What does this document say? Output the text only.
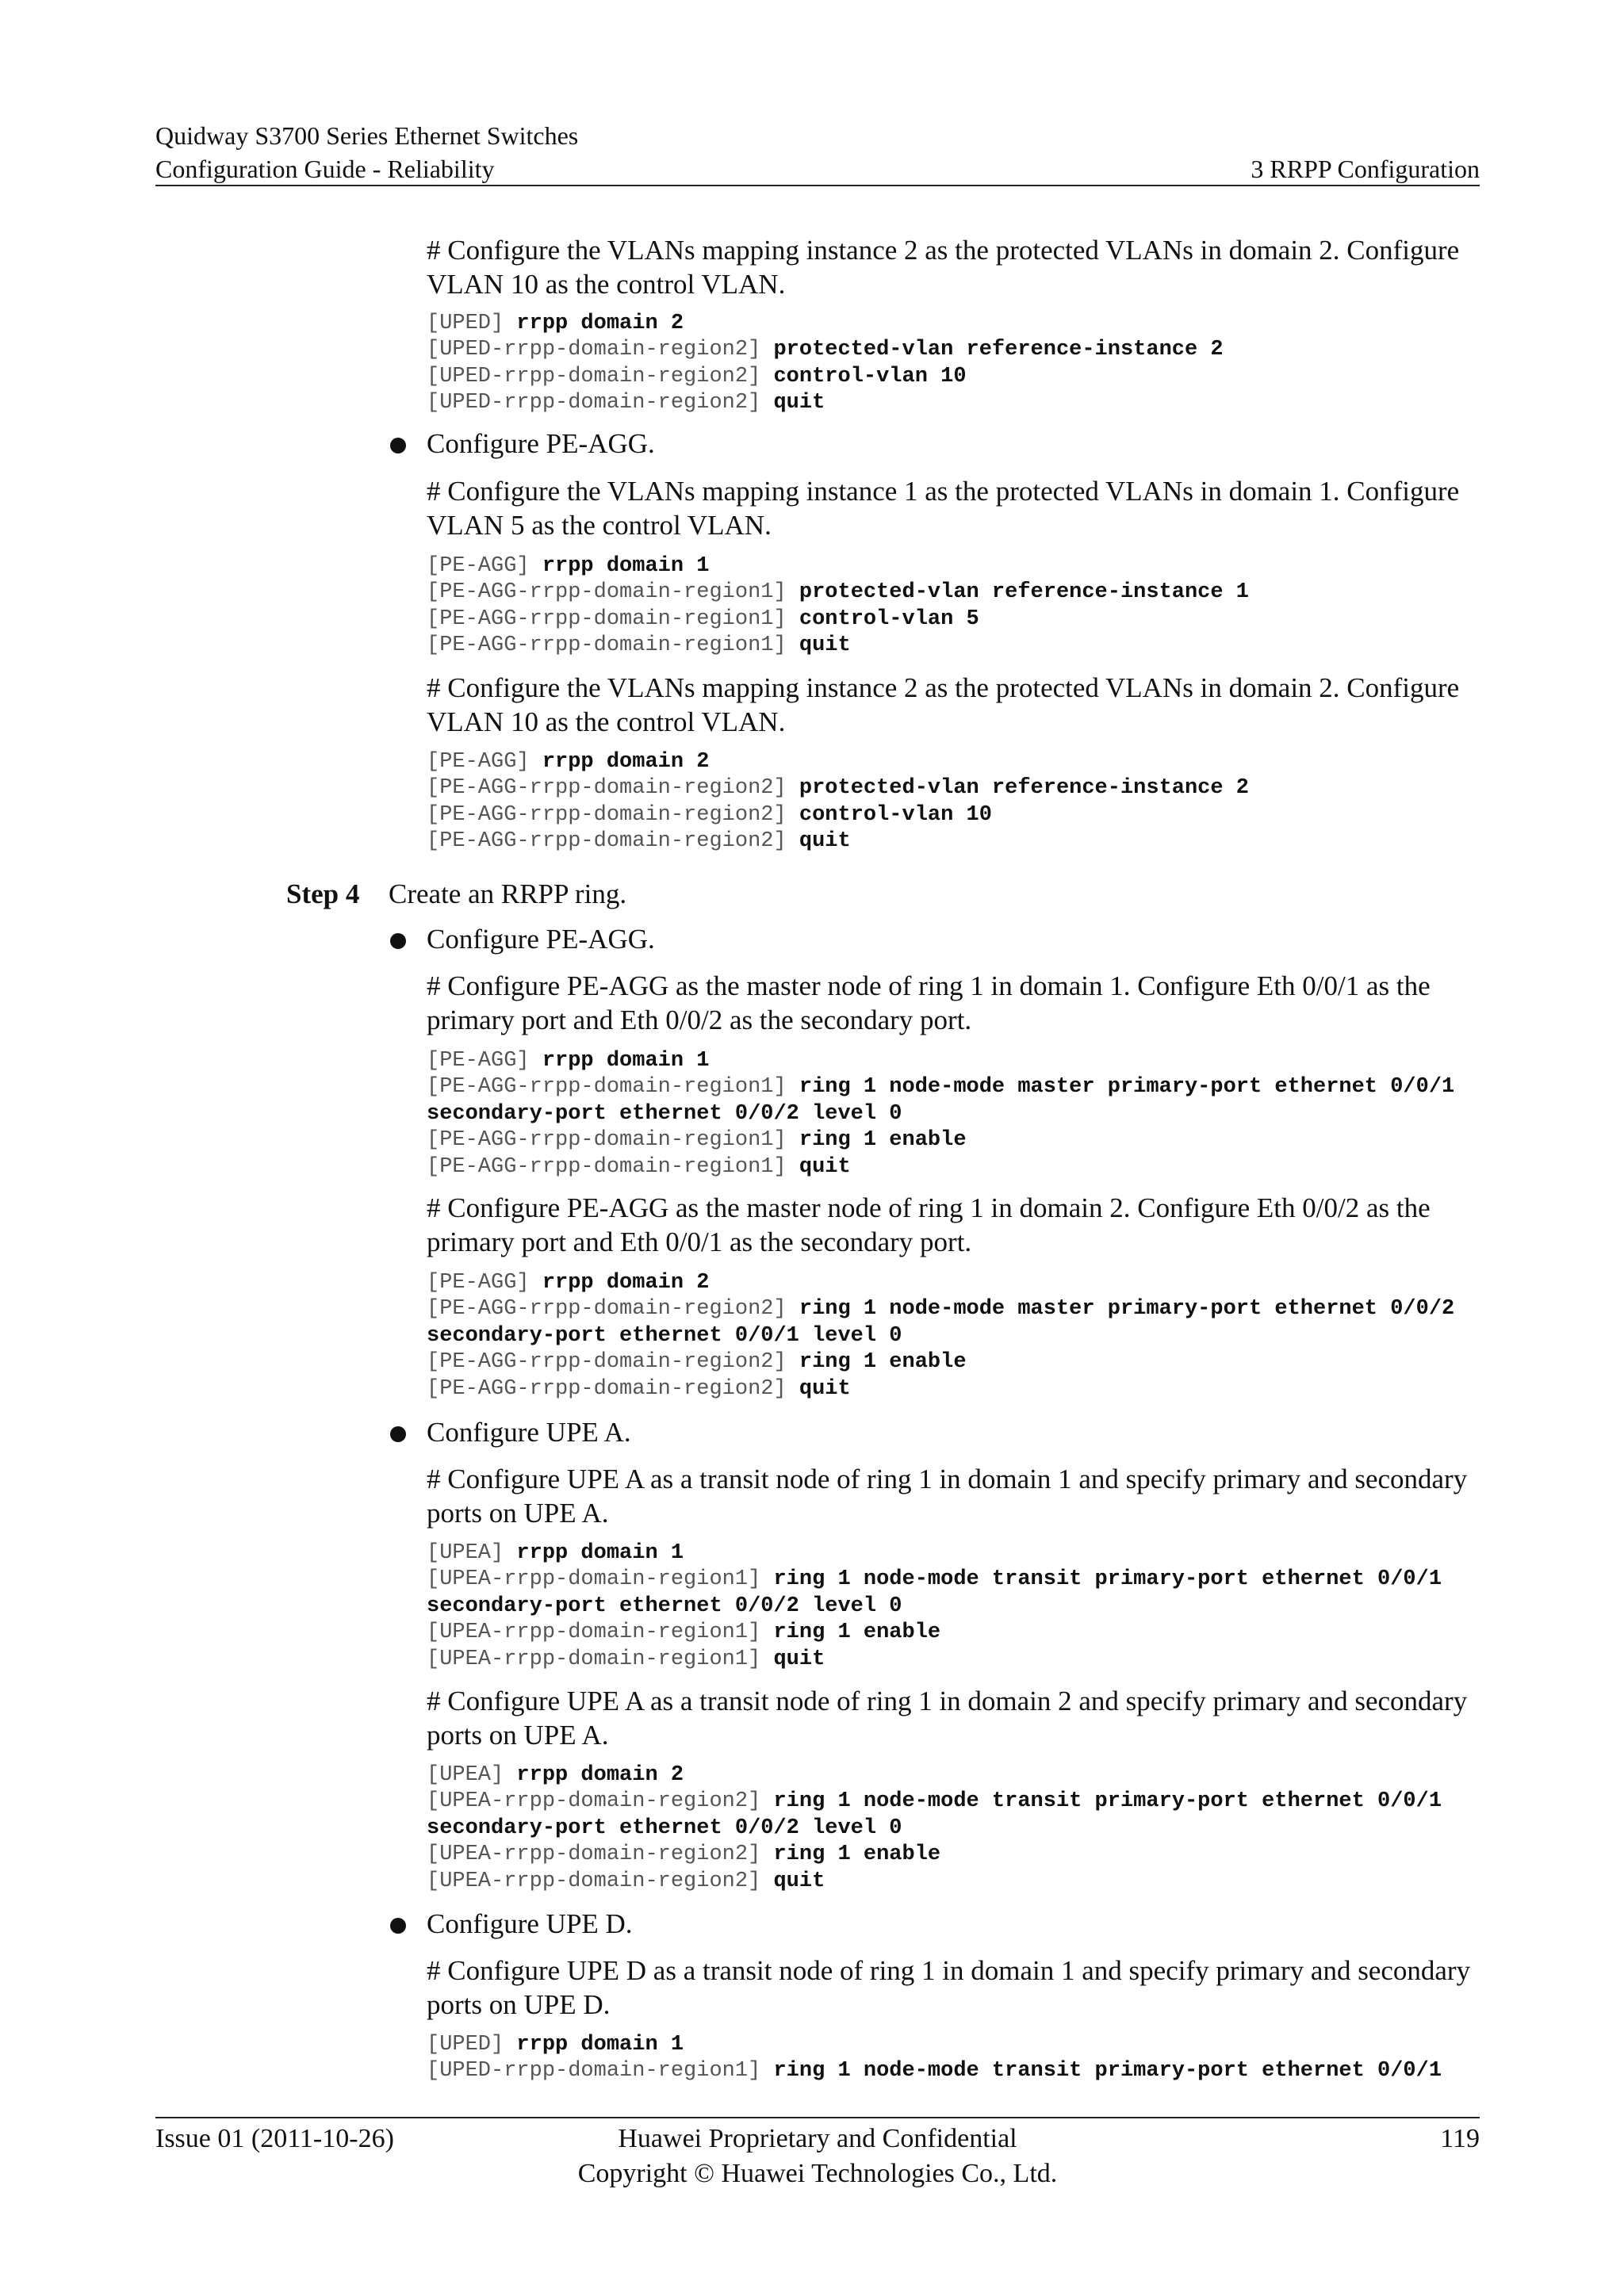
Quidway S3700 Series Ethernet Switches
Configuration Guide - Reliability	3 RRPP Configuration
# Configure the VLANs mapping instance 2 as the protected VLANs in domain 2. Configure VLAN 10 as the control VLAN.
[UPED] rrpp domain 2
[UPED-rrpp-domain-region2] protected-vlan reference-instance 2
[UPED-rrpp-domain-region2] control-vlan 10
[UPED-rrpp-domain-region2] quit
Configure PE-AGG.
# Configure the VLANs mapping instance 1 as the protected VLANs in domain 1. Configure VLAN 5 as the control VLAN.
[PE-AGG] rrpp domain 1
[PE-AGG-rrpp-domain-region1] protected-vlan reference-instance 1
[PE-AGG-rrpp-domain-region1] control-vlan 5
[PE-AGG-rrpp-domain-region1] quit
# Configure the VLANs mapping instance 2 as the protected VLANs in domain 2. Configure VLAN 10 as the control VLAN.
[PE-AGG] rrpp domain 2
[PE-AGG-rrpp-domain-region2] protected-vlan reference-instance 2
[PE-AGG-rrpp-domain-region2] control-vlan 10
[PE-AGG-rrpp-domain-region2] quit
Step 4 Create an RRPP ring.
Configure PE-AGG.
# Configure PE-AGG as the master node of ring 1 in domain 1. Configure Eth 0/0/1 as the primary port and Eth 0/0/2 as the secondary port.
[PE-AGG] rrpp domain 1
[PE-AGG-rrpp-domain-region1] ring 1 node-mode master primary-port ethernet 0/0/1
secondary-port ethernet 0/0/2 level 0
[PE-AGG-rrpp-domain-region1] ring 1 enable
[PE-AGG-rrpp-domain-region1] quit
# Configure PE-AGG as the master node of ring 1 in domain 2. Configure Eth 0/0/2 as the primary port and Eth 0/0/1 as the secondary port.
[PE-AGG] rrpp domain 2
[PE-AGG-rrpp-domain-region2] ring 1 node-mode master primary-port ethernet 0/0/2
secondary-port ethernet 0/0/1 level 0
[PE-AGG-rrpp-domain-region2] ring 1 enable
[PE-AGG-rrpp-domain-region2] quit
Configure UPE A.
# Configure UPE A as a transit node of ring 1 in domain 1 and specify primary and secondary ports on UPE A.
[UPEA] rrpp domain 1
[UPEA-rrpp-domain-region1] ring 1 node-mode transit primary-port ethernet 0/0/1
secondary-port ethernet 0/0/2 level 0
[UPEA-rrpp-domain-region1] ring 1 enable
[UPEA-rrpp-domain-region1] quit
# Configure UPE A as a transit node of ring 1 in domain 2 and specify primary and secondary ports on UPE A.
[UPEA] rrpp domain 2
[UPEA-rrpp-domain-region2] ring 1 node-mode transit primary-port ethernet 0/0/1
secondary-port ethernet 0/0/2 level 0
[UPEA-rrpp-domain-region2] ring 1 enable
[UPEA-rrpp-domain-region2] quit
Configure UPE D.
# Configure UPE D as a transit node of ring 1 in domain 1 and specify primary and secondary ports on UPE D.
[UPED] rrpp domain 1
[UPED-rrpp-domain-region1] ring 1 node-mode transit primary-port ethernet 0/0/1
Issue 01 (2011-10-26)	Huawei Proprietary and Confidential
Copyright © Huawei Technologies Co., Ltd.
119
